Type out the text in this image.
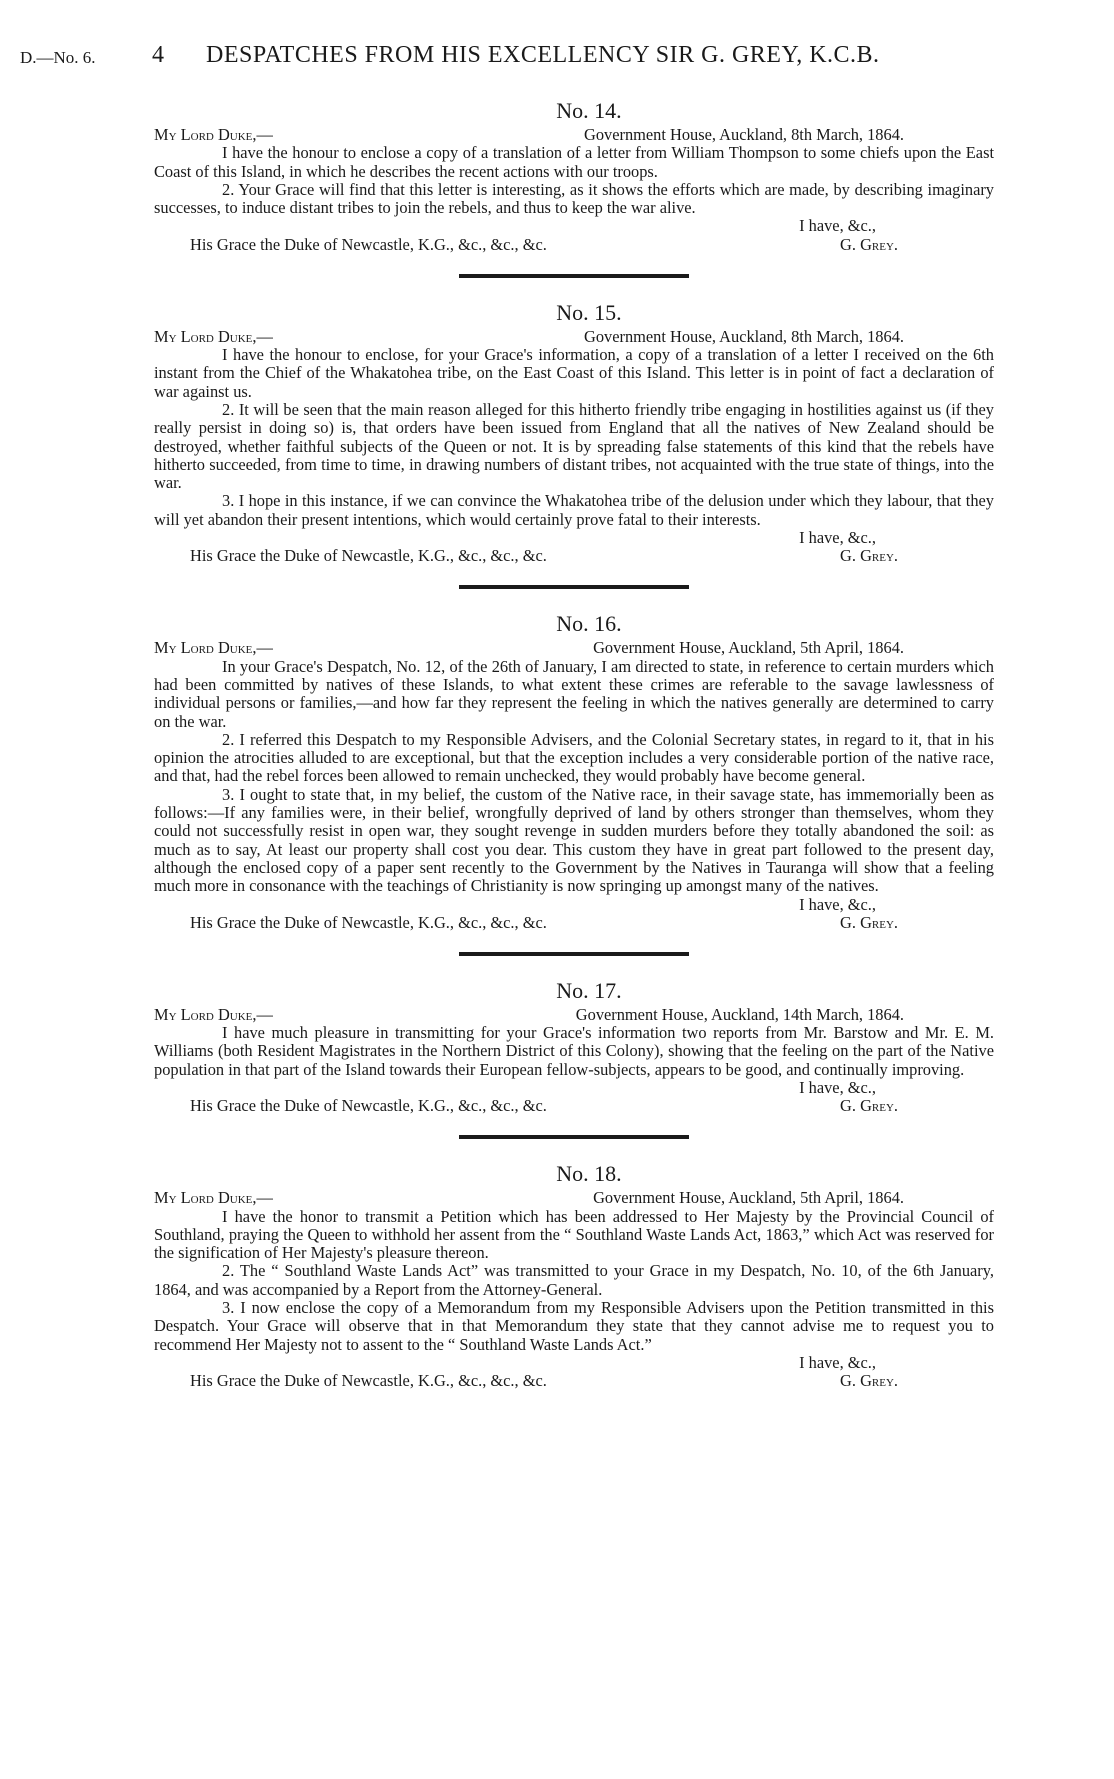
D.—No. 6. 4 DESPATCHES FROM HIS EXCELLENCY SIR G. GREY, K.C.B.
No. 14.
My Lord Duke,—	Government House, Auckland, 8th March, 1864.

I have the honour to enclose a copy of a translation of a letter from William Thompson to some chiefs upon the East Coast of this Island, in which he describes the recent actions with our troops.

2. Your Grace will find that this letter is interesting, as it shows the efforts which are made, by describing imaginary successes, to induce distant tribes to join the rebels, and thus to keep the war alive.

I have, &c.,
His Grace the Duke of Newcastle, K.G., &c., &c., &c.	G. Grey.
No. 15.
My Lord Duke,—	Government House, Auckland, 8th March, 1864.

I have the honour to enclose, for your Grace's information, a copy of a translation of a letter I received on the 6th instant from the Chief of the Whakatohea tribe, on the East Coast of this Island. This letter is in point of fact a declaration of war against us.

2. It will be seen that the main reason alleged for this hitherto friendly tribe engaging in hostilities against us (if they really persist in doing so) is, that orders have been issued from England that all the natives of New Zealand should be destroyed, whether faithful subjects of the Queen or not. It is by spreading false statements of this kind that the rebels have hitherto succeeded, from time to time, in drawing numbers of distant tribes, not acquainted with the true state of things, into the war.

3. I hope in this instance, if we can convince the Whakatohea tribe of the delusion under which they labour, that they will yet abandon their present intentions, which would certainly prove fatal to their interests.

I have, &c.,
His Grace the Duke of Newcastle, K.G., &c., &c., &c.	G. Grey.
No. 16.
My Lord Duke,—	Government House, Auckland, 5th April, 1864.

In your Grace's Despatch, No. 12, of the 26th of January, I am directed to state, in reference to certain murders which had been committed by natives of these Islands, to what extent these crimes are referable to the savage lawlessness of individual persons or families,—and how far they represent the feeling in which the natives generally are determined to carry on the war.

2. I referred this Despatch to my Responsible Advisers, and the Colonial Secretary states, in regard to it, that in his opinion the atrocities alluded to are exceptional, but that the exception includes a very considerable portion of the native race, and that, had the rebel forces been allowed to remain unchecked, they would probably have become general.

3. I ought to state that, in my belief, the custom of the Native race, in their savage state, has immemorially been as follows:—If any families were, in their belief, wrongfully deprived of land by others stronger than themselves, whom they could not successfully resist in open war, they sought revenge in sudden murders before they totally abandoned the soil: as much as to say, At least our property shall cost you dear. This custom they have in great part followed to the present day, although the enclosed copy of a paper sent recently to the Government by the Natives in Tauranga will show that a feeling much more in consonance with the teachings of Christianity is now springing up amongst many of the natives.

I have, &c.,
His Grace the Duke of Newcastle, K.G., &c., &c., &c.	G. Grey.
No. 17.
My Lord Duke,—	Government House, Auckland, 14th March, 1864.

I have much pleasure in transmitting for your Grace's information two reports from Mr. Barstow and Mr. E. M. Williams (both Resident Magistrates in the Northern District of this Colony), showing that the feeling on the part of the Native population in that part of the Island towards their European fellow-subjects, appears to be good, and continually improving.

I have, &c.,
His Grace the Duke of Newcastle, K.G., &c., &c., &c.	G. Grey.
No. 18.
My Lord Duke,—	Government House, Auckland, 5th April, 1864.

I have the honor to transmit a Petition which has been addressed to Her Majesty by the Provincial Council of Southland, praying the Queen to withhold her assent from the “ Southland Waste Lands Act, 1863,” which Act was reserved for the signification of Her Majesty's pleasure thereon.

2. The “ Southland Waste Lands Act” was transmitted to your Grace in my Despatch, No. 10, of the 6th January, 1864, and was accompanied by a Report from the Attorney-General.

3. I now enclose the copy of a Memorandum from my Responsible Advisers upon the Petition transmitted in this Despatch. Your Grace will observe that in that Memorandum they state that they cannot advise me to request you to recommend Her Majesty not to assent to the “ Southland Waste Lands Act.”

I have, &c.,
His Grace the Duke of Newcastle, K.G., &c., &c., &c.	G. Grey.
